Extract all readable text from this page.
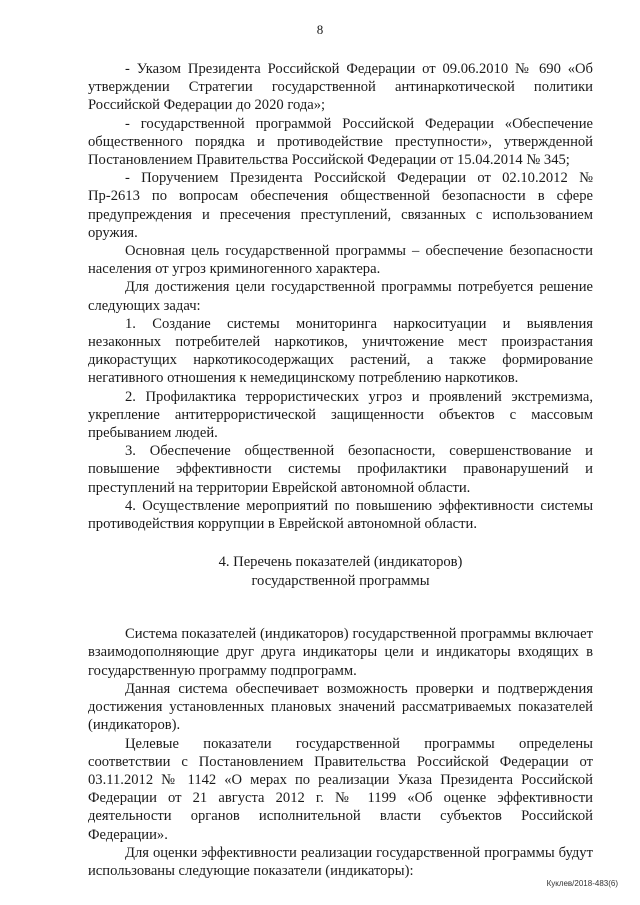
8

- Указом Президента Российской Федерации от 09.06.2010 № 690 «Об утверждении Стратегии государственной антинаркотической политики Российской Федерации до 2020 года»;

- государственной программой Российской Федерации «Обеспечение общественного порядка и противодействие преступности», утвержденной Постановлением Правительства Российской Федерации от 15.04.2014 № 345;

- Поручением Президента Российской Федерации от 02.10.2012 № Пр-2613 по вопросам обеспечения общественной безопасности в сфере предупреждения и пресечения преступлений, связанных с использованием оружия.

Основная цель государственной программы – обеспечение безопасности населения от угроз криминогенного характера.

Для достижения цели государственной программы потребуется решение следующих задач:

1. Создание системы мониторинга наркоситуации и выявления незаконных потребителей наркотиков, уничтожение мест произрастания дикорастущих наркотикосодержащих растений, а также формирование негативного отношения к немедицинскому потреблению наркотиков.

2. Профилактика террористических угроз и проявлений экстремизма, укрепление антитеррористической защищенности объектов с массовым пребыванием людей.

3. Обеспечение общественной безопасности, совершенствование и повышение эффективности системы профилактики правонарушений и преступлений на территории Еврейской автономной области.

4. Осуществление мероприятий по повышению эффективности системы противодействия коррупции в Еврейской автономной области.

4. Перечень показателей (индикаторов)
государственной программы

Система показателей (индикаторов) государственной программы включает взаимодополняющие друг друга индикаторы цели и индикаторы входящих в государственную программу подпрограмм.

Данная система обеспечивает возможность проверки и подтверждения достижения установленных плановых значений рассматриваемых показателей (индикаторов).

Целевые показатели государственной программы определены соответствии с Постановлением Правительства Российской Федерации от 03.11.2012 № 1142 «О мерах по реализации Указа Президента Российской Федерации от 21 августа 2012 г. № 1199 «Об оценке эффективности деятельности органов исполнительной власти субъектов Российской Федерации».

Для оценки эффективности реализации государственной программы будут использованы следующие показатели (индикаторы):

Куклев/2018-483(6)
